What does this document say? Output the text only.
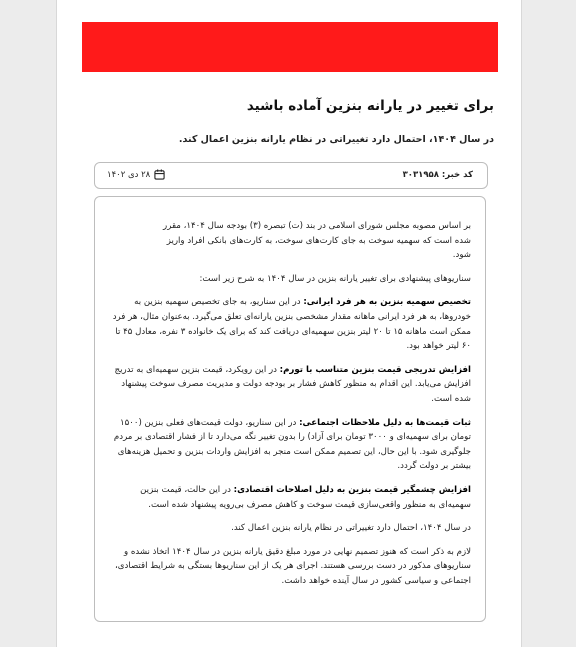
برای تغییر در یارانه بنزین آماده باشید
در سال ۱۴۰۴، احتمال دارد تغییراتی در نظام یارانه بنزین اعمال کند.
کد خبر: ۳۰۳۱۹۵۸
۲۸ دی ۱۴۰۲

بر اساس مصوبه مجلس شورای اسلامی در بند (ت) تبصره (۳) بودجه سال ۱۴۰۴، مقرر شده است که سهمیه سوخت به جای کارت‌های سوخت، به کارت‌های بانکی افراد واریز شود.

سناریوهای پیشنهادی برای تغییر یارانه بنزین در سال ۱۴۰۴ به شرح زیر است:

تخصیص سهمیه بنزین به هر فرد ایرانی: در این سناریو، به جای تخصیص سهمیه بنزین به خودروها، به هر فرد ایرانی ماهانه مقدار مشخصی بنزین یارانه‌ای تعلق می‌گیرد. به‌عنوان مثال، هر فرد ممکن است ماهانه ۱۵ تا ۲۰ لیتر بنزین سهمیه‌ای دریافت کند که برای یک خانواده ۳ نفره، معادل ۴۵ تا ۶۰ لیتر خواهد بود.

افزایش تدریجی قیمت بنزین متناسب با تورم: در این رویکرد، قیمت بنزین سهمیه‌ای به تدریج افزایش می‌یابد. این اقدام به منظور کاهش فشار بر بودجه دولت و مدیریت مصرف سوخت پیشنهاد شده است.

ثبات قیمت‌ها به دلیل ملاحظات اجتماعی: در این سناریو، دولت قیمت‌های فعلی بنزین (۱۵۰۰ تومان برای سهمیه‌ای و ۳۰۰۰ تومان برای آزاد) را بدون تغییر نگه می‌دارد تا از فشار اقتصادی بر مردم جلوگیری شود. با این حال، این تصمیم ممکن است منجر به افزایش واردات بنزین و تحمیل هزینه‌های بیشتر بر دولت گردد.

افزایش چشمگیر قیمت بنزین به دلیل اصلاحات اقتصادی: در این حالت، قیمت بنزین سهمیه‌ای به منظور واقعی‌سازی قیمت سوخت و کاهش مصرف بی‌رویه پیشنهاد شده است.

در سال ۱۴۰۴، احتمال دارد تغییراتی در نظام یارانه بنزین اعمال کند.

لازم به ذکر است که هنوز تصمیم نهایی در مورد مبلغ دقیق یارانه بنزین در سال ۱۴۰۴ اتخاذ نشده و سناریوهای مذکور در دست بررسی هستند. اجرای هر یک از این سناریوها بستگی به شرایط اقتصادی، اجتماعی و سیاسی کشور در سال آینده خواهد داشت.
